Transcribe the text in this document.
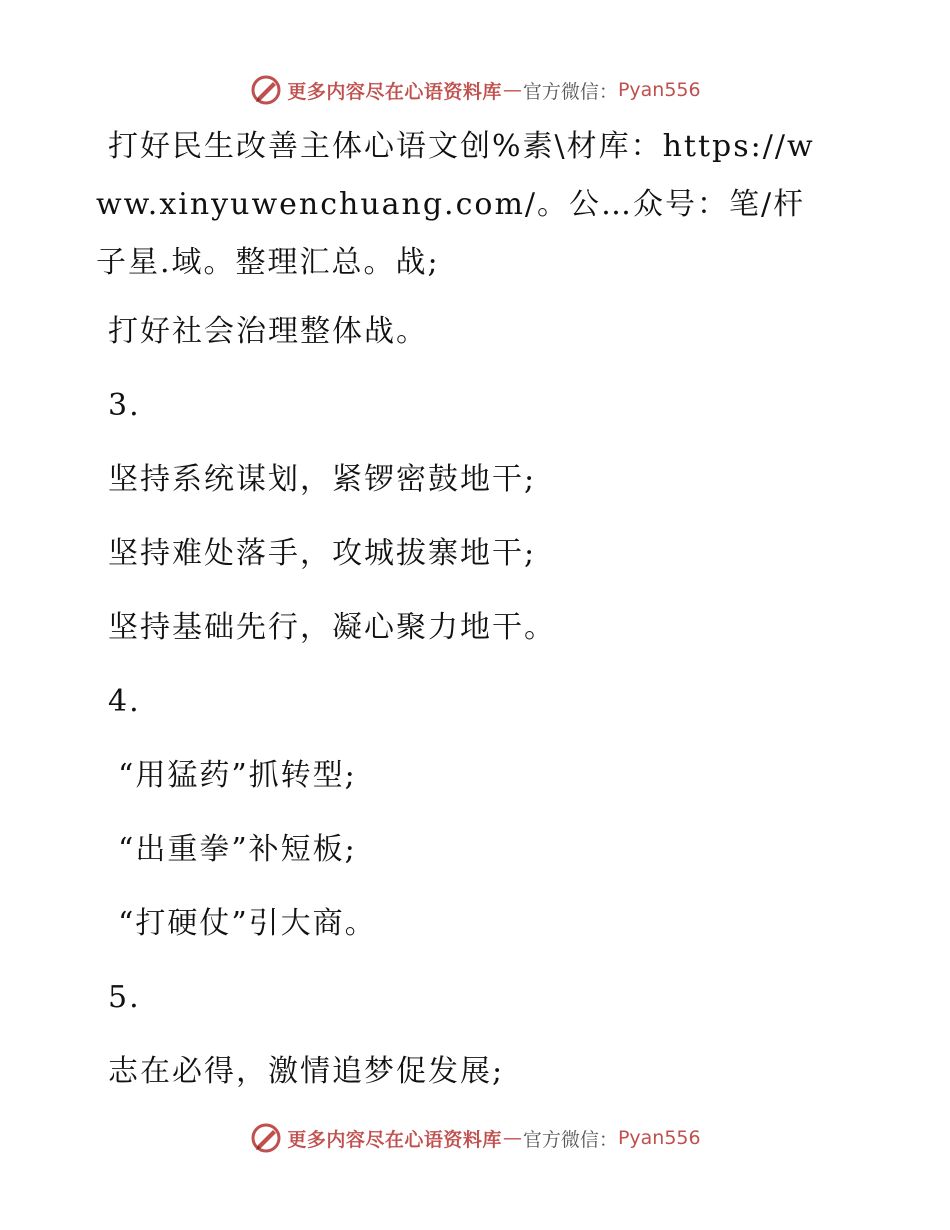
更多内容尽在心语资料库 — 官方微信： Pyan556

打好民生改善主体心语文创%素\材库：https://www.xinyuwenchuang.com/。公…众号：笔/杆子星.域。整理汇总。战;

打好社会治理整体战。

3.

坚持系统谋划，紧锣密鼓地干;

坚持难处落手，攻城拔寨地干;

坚持基础先行，凝心聚力地干。

4.

“用猛药”抓转型;

“出重拳”补短板;

“打硬仗”引大商。

5.

志在必得，激情追梦促发展;

更多内容尽在心语资料库 — 官方微信： Pyan556
